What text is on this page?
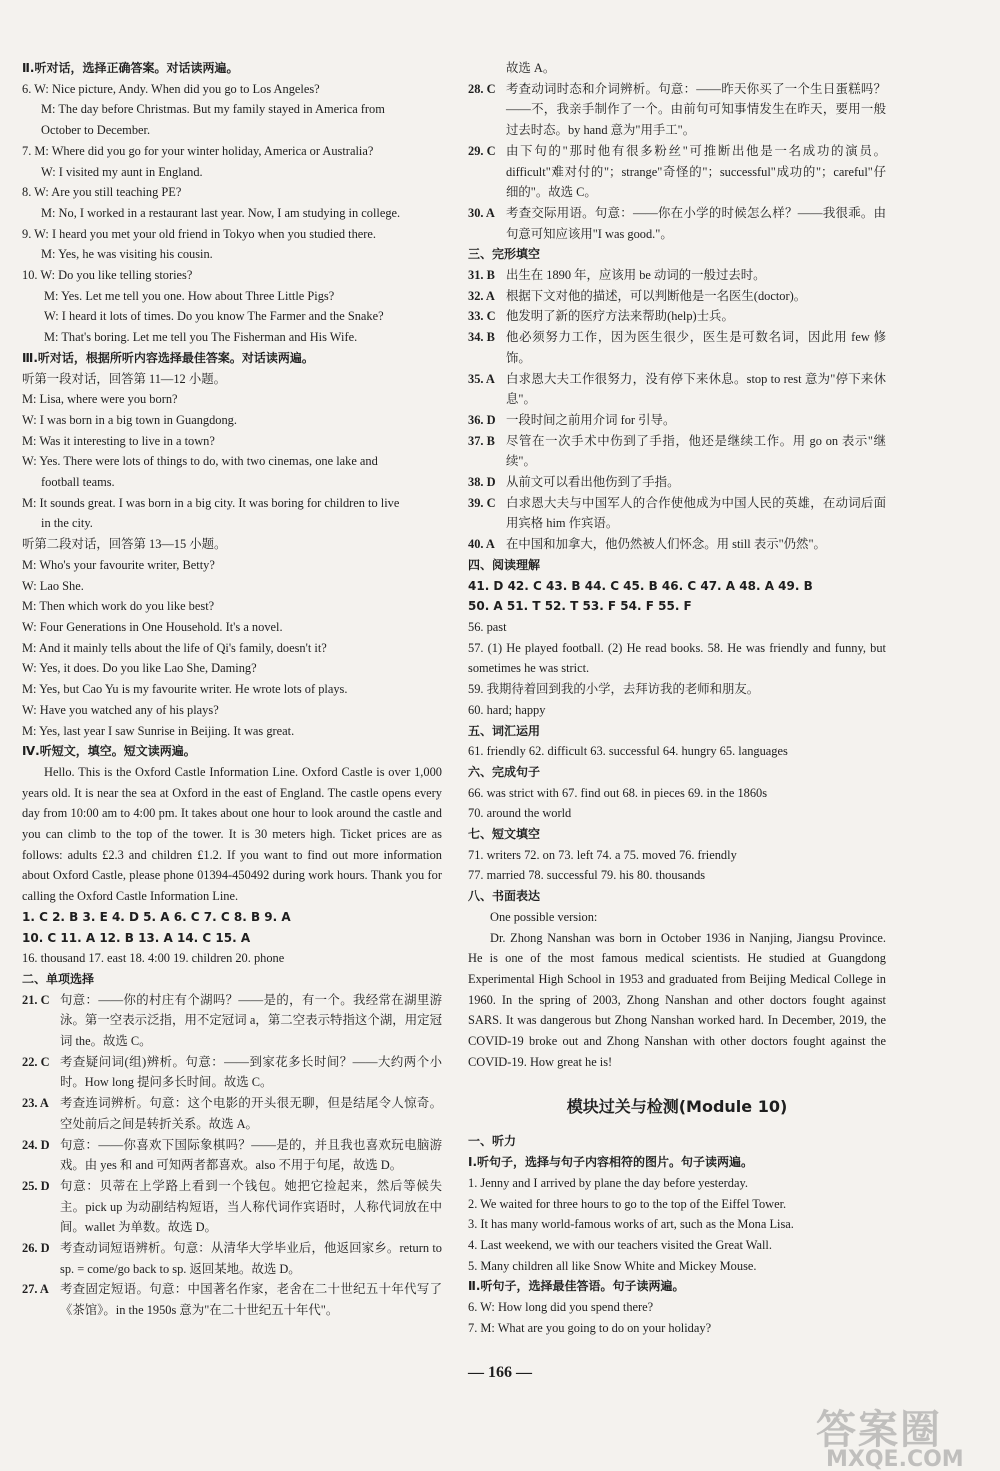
Ⅱ.听对话，选择正确答案。对话读两遍。
6. W: Nice picture, Andy. When did you go to Los Angeles?
M: The day before Christmas. But my family stayed in America from
October to December.
7. M: Where did you go for your winter holiday, America or Australia?
W: I visited my aunt in England.
8. W: Are you still teaching PE?
M: No, I worked in a restaurant last year. Now, I am studying in college.
9. W: I heard you met your old friend in Tokyo when you studied there.
M: Yes, he was visiting his cousin.
10. W: Do you like telling stories?
M: Yes. Let me tell you one. How about Three Little Pigs?
W: I heard it lots of times. Do you know The Farmer and the Snake?
M: That's boring. Let me tell you The Fisherman and His Wife.
Ⅲ.听对话，根据所听内容选择最佳答案。对话读两遍。
听第一段对话，回答第 11—12 小题。
M: Lisa, where were you born?
W: I was born in a big town in Guangdong.
M: Was it interesting to live in a town?
W: Yes. There were lots of things to do, with two cinemas, one lake and
football teams.
M: It sounds great. I was born in a big city. It was boring for children to live
in the city.
听第二段对话，回答第 13—15 小题。
M: Who's your favourite writer, Betty?
W: Lao She.
M: Then which work do you like best?
W: Four Generations in One Household. It's a novel.
M: And it mainly tells about the life of Qi's family, doesn't it?
W: Yes, it does. Do you like Lao She, Daming?
M: Yes, but Cao Yu is my favourite writer. He wrote lots of plays.
W: Have you watched any of his plays?
M: Yes, last year I saw Sunrise in Beijing. It was great.
Ⅳ.听短文，填空。短文读两遍。
Hello. This is the Oxford Castle Information Line. Oxford Castle is over 1,000 years old. It is near the sea at Oxford in the east of England. The castle opens every day from 10:00 am to 4:00 pm. It takes about one hour to look around the castle and you can climb to the top of the tower. It is 30 meters high. Ticket prices are as follows: adults £2.3 and children £1.2. If you want to find out more information about Oxford Castle, please phone 01394-450492 during work hours. Thank you for calling the Oxford Castle Information Line.
1. C 2. B 3. E 4. D 5. A 6. C 7. C 8. B 9. A
10. C 11. A 12. B 13. A 14. C 15. A
16. thousand 17. east 18. 4:00 19. children 20. phone
二、单项选择
21. C 句意：——你的村庄有个湖吗？——是的，有一个。我经常在湖里游泳。第一空表示泛指，用不定冠词 a，第二空表示特指这个湖，用定冠词 the。故选 C。
22. C 考查疑问词(组)辨析。句意：——到家花多长时间？——大约两个小时。How long 提问多长时间。故选 C。
23. A 考查连词辨析。句意：这个电影的开头很无聊，但是结尾令人惊奇。空处前后之间是转折关系。故选 A。
24. D 句意：——你喜欢下国际象棋吗？——是的，并且我也喜欢玩电脑游戏。由 yes 和 and 可知两者都喜欢。also 不用于句尾，故选 D。
25. D 句意：贝蒂在上学路上看到一个钱包。她把它捡起来，然后等候失主。pick up 为动副结构短语，当人称代词作宾语时，人称代词放在中间。wallet 为单数。故选 D。
26. D 考查动词短语辨析。句意：从清华大学毕业后，他返回家乡。return to sp. = come/go back to sp. 返回某地。故选 D。
27. A 考查固定短语。句意：中国著名作家，老舍在二十世纪五十年代写了《茶馆》。in the 1950s 意为"在二十世纪五十年代"。
故选 A。
28. C 考查动词时态和介词辨析。句意：——昨天你买了一个生日蛋糕吗？——不，我亲手制作了一个。由前句可知事情发生在昨天，要用一般过去时态。by hand 意为"用手工"。
29. C 由下句的"那时他有很多粉丝"可推断出他是一名成功的演员。difficult"难对付的"；strange"奇怪的"；successful"成功的"；careful"仔细的"。故选 C。
30. A 考查交际用语。句意：——你在小学的时候怎么样？——我很乖。由句意可知应该用"I was good."。
三、完形填空
31. B 出生在 1890 年，应该用 be 动词的一般过去时。
32. A 根据下文对他的描述，可以判断他是一名医生(doctor)。
33. C 他发明了新的医疗方法来帮助(help)士兵。
34. B 他必须努力工作，因为医生很少，医生是可数名词，因此用 few 修饰。
35. A 白求恩大夫工作很努力，没有停下来休息。stop to rest 意为"停下来休息"。
36. D 一段时间之前用介词 for 引导。
37. B 尽管在一次手术中伤到了手指，他还是继续工作。用 go on 表示"继续"。
38. D 从前文可以看出他伤到了手指。
39. C 白求恩大夫与中国军人的合作使他成为中国人民的英雄，在动词后面用宾格 him 作宾语。
40. A 在中国和加拿大，他仍然被人们怀念。用 still 表示"仍然"。
四、阅读理解
41. D 42. C 43. B 44. C 45. B 46. C 47. A 48. A 49. B
50. A 51. T 52. T 53. F 54. F 55. F
56. past
57. (1) He played football. (2) He read books. 58. He was friendly and funny, but sometimes he was strict.
59. 我期待着回到我的小学，去拜访我的老师和朋友。
60. hard; happy
五、词汇运用
61. friendly 62. difficult 63. successful 64. hungry 65. languages
六、完成句子
66. was strict with 67. find out 68. in pieces 69. in the 1860s
70. around the world
七、短文填空
71. writers 72. on 73. left 74. a 75. moved 76. friendly
77. married 78. successful 79. his 80. thousands
八、书面表达
One possible version:
Dr. Zhong Nanshan was born in October 1936 in Nanjing, Jiangsu Province. He is one of the most famous medical scientists. He studied at Guangdong Experimental High School in 1953 and graduated from Beijing Medical College in 1960. In the spring of 2003, Zhong Nanshan and other doctors fought against SARS. It was dangerous but Zhong Nanshan worked hard. In December, 2019, the COVID-19 broke out and Zhong Nanshan with other doctors fought against the COVID-19. How great he is!
模块过关与检测(Module 10)
一、听力
Ⅰ.听句子，选择与句子内容相符的图片。句子读两遍。
1. Jenny and I arrived by plane the day before yesterday.
2. We waited for three hours to go to the top of the Eiffel Tower.
3. It has many world-famous works of art, such as the Mona Lisa.
4. Last weekend, we with our teachers visited the Great Wall.
5. Many children all like Snow White and Mickey Mouse.
Ⅱ.听句子，选择最佳答语。句子读两遍。
6. W: How long did you spend there?
7. M: What are you going to do on your holiday?
— 166 —
答案圈
MXQE.COM
